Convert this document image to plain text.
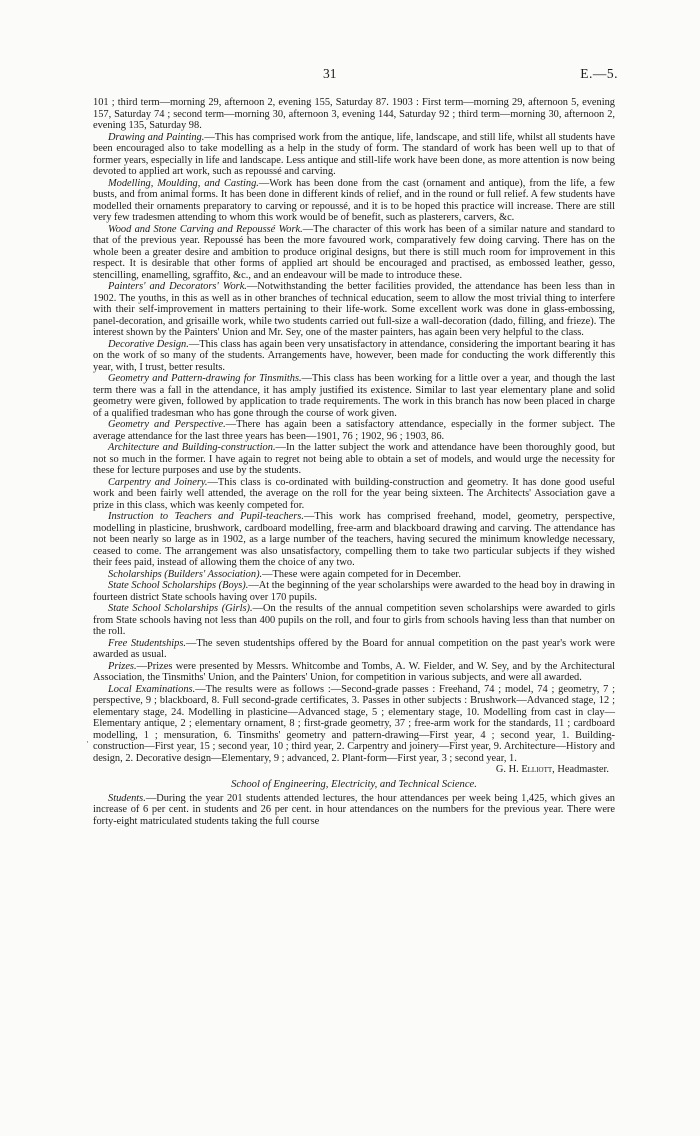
31	E.—5.
·

101 ; third term—morning 29, afternoon 2, evening 155, Saturday 87. 1903 : First term—morning 29, afternoon 5, evening 157, Saturday 74 ; second term—morning 30, afternoon 3, evening 144, Saturday 92 ; third term—morning 30, afternoon 2, evening 135, Saturday 98.

Drawing and Painting.—This has comprised work from the antique, life, landscape, and still life, whilst all students have been encouraged also to take modelling as a help in the study of form. The standard of work has been well up to that of former years, especially in life and landscape. Less antique and still-life work have been done, as more attention is now being devoted to applied art work, such as repoussé and carving.

Modelling, Moulding, and Casting.—Work has been done from the cast (ornament and antique), from the life, a few busts, and from animal forms. It has been done in different kinds of relief, and in the round or full relief. A few students have modelled their ornaments preparatory to carving or repoussé, and it is to be hoped this practice will increase. There are still very few tradesmen attending to whom this work would be of benefit, such as plasterers, carvers, &c.

Wood and Stone Carving and Repoussé Work.—The character of this work has been of a similar nature and standard to that of the previous year. Repoussé has been the more favoured work, comparatively few doing carving. There has on the whole been a greater desire and ambition to produce original designs, but there is still much room for improvement in this respect. It is desirable that other forms of applied art should be encouraged and practised, as embossed leather, gesso, stencilling, enamelling, sgraffito, &c., and an endeavour will be made to introduce these.

Painters' and Decorators' Work.—Notwithstanding the better facilities provided, the attendance has been less than in 1902. The youths, in this as well as in other branches of technical education, seem to allow the most trivial thing to interfere with their self-improvement in matters pertaining to their life-work. Some excellent work was done in glass-embossing, panel-decoration, and grisaille work, while two students carried out full-size a wall-decoration (dado, filling, and frieze). The interest shown by the Painters' Union and Mr. Sey, one of the master painters, has again been very helpful to the class.

Decorative Design.—This class has again been very unsatisfactory in attendance, considering the important bearing it has on the work of so many of the students. Arrangements have, however, been made for conducting the work differently this year, with, I trust, better results.

Geometry and Pattern-drawing for Tinsmiths.—This class has been working for a little over a year, and though the last term there was a fall in the attendance, it has amply justified its existence. Similar to last year elementary plane and solid geometry were given, followed by application to trade requirements. The work in this branch has now been placed in charge of a qualified tradesman who has gone through the course of work given.

Geometry and Perspective.—There has again been a satisfactory attendance, especially in the former subject. The average attendance for the last three years has been—1901, 76 ; 1902, 96 ; 1903, 86.

Architecture and Building-construction.—In the latter subject the work and attendance have been thoroughly good, but not so much in the former. I have again to regret not being able to obtain a set of models, and would urge the necessity for these for lecture purposes and use by the students.

Carpentry and Joinery.—This class is co-ordinated with building-construction and geometry. It has done good useful work and been fairly well attended, the average on the roll for the year being sixteen. The Architects' Association gave a prize in this class, which was keenly competed for.

Instruction to Teachers and Pupil-teachers.—This work has comprised freehand, model, geometry, perspective, modelling in plasticine, brushwork, cardboard modelling, free-arm and blackboard drawing and carving. The attendance has not been nearly so large as in 1902, as a large number of the teachers, having secured the minimum knowledge necessary, ceased to come. The arrangement was also unsatisfactory, compelling them to take two particular subjects if they wished their fees paid, instead of allowing them the choice of any two.

Scholarships (Builders' Association).—These were again competed for in December.

State School Scholarships (Boys).—At the beginning of the year scholarships were awarded to the head boy in drawing in fourteen district State schools having over 170 pupils.

State School Scholarships (Girls).—On the results of the annual competition seven scholarships were awarded to girls from State schools having not less than 400 pupils on the roll, and four to girls from schools having less than that number on the roll.

Free Studentships.—The seven studentships offered by the Board for annual competition on the past year's work were awarded as usual.

Prizes.—Prizes were presented by Messrs. Whitcombe and Tombs, A. W. Fielder, and W. Sey, and by the Architectural Association, the Tinsmiths' Union, and the Painters' Union, for competition in various subjects, and were all awarded.

Local Examinations.—The results were as follows :—Second-grade passes : Freehand, 74 ; model, 74 ; geometry, 7 ; perspective, 9 ; blackboard, 8. Full second-grade certificates, 3. Passes in other subjects : Brushwork—Advanced stage, 12 ; elementary stage, 24. Modelling in plasticine—Advanced stage, 5 ; elementary stage, 10. Modelling from cast in clay—Elementary antique, 2 ; elementary ornament, 8 ; first-grade geometry, 37 ; free-arm work for the standards, 11 ; cardboard modelling, 1 ; mensuration, 6. Tinsmiths' geometry and pattern-drawing—First year, 4 ; second year, 1. Building-construction—First year, 15 ; second year, 10 ; third year, 2. Carpentry and joinery—First year, 9. Architecture—History and design, 2. Decorative design—Elementary, 9 ; advanced, 2. Plant-form—First year, 3 ; second year, 1.

G. H. Elliott, Headmaster.

School of Engineering, Electricity, and Technical Science.

Students.—During the year 201 students attended lectures, the hour attendances per week being 1,425, which gives an increase of 6 per cent. in students and 26 per cent. in hour attendances on the numbers for the previous year. There were forty-eight matriculated students taking the full course
